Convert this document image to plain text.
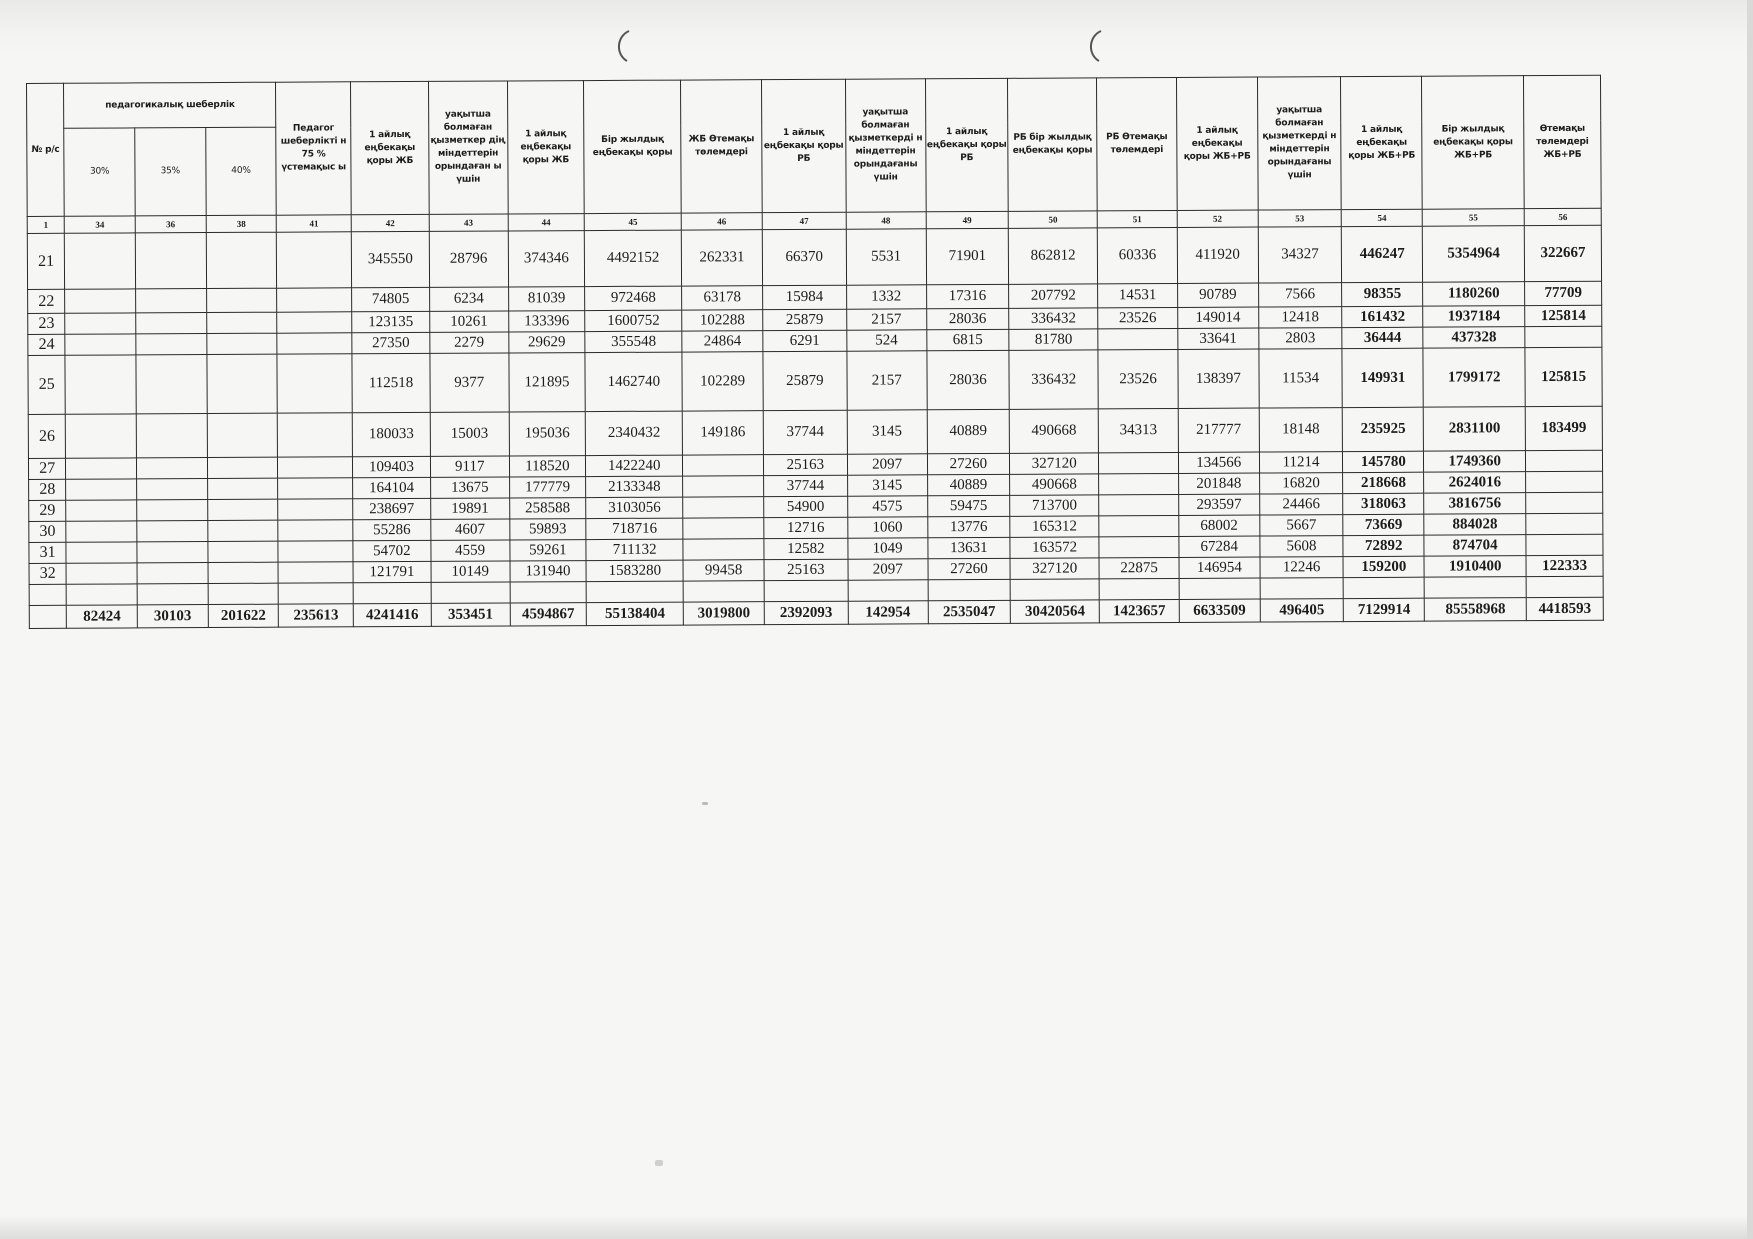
№ р/с	педагогикалық шеберлік			Педагог шеберлікті н 75 % үстемақыс ы	1 айлық еңбекақы қоры ЖБ	уақытша болмаған қызметкер дің міндеттерін орындаған ы үшін	1 айлық еңбекақы қоры ЖБ	Бір жылдық еңбекақы қоры	ЖБ Өтемақы төлемдері	1 айлық еңбекақы қоры РБ	уақытша болмаған қызметкерді н міндеттерін орындағаны үшін	1 айлық еңбекақы қоры РБ	РБ бір жылдық еңбекақы қоры	РБ Өтемақы төлемдері	1 айлық еңбекақы қоры ЖБ+РБ	уақытша болмаған қызметкерді н міндеттерін орындағаны үшін	1 айлық еңбекақы қоры ЖБ+РБ	Бір жылдық еңбекақы қоры ЖБ+РБ	Өтемақы төлемдері ЖБ+РБ
	30%	35%	40%																
1	34	36	38	41	42	43	44	45	46	47	48	49	50	51	52	53	54	55	56
21					345550	28796	374346	4492152	262331	66370	5531	71901	862812	60336	411920	34327	446247	5354964	322667
22					74805	6234	81039	972468	63178	15984	1332	17316	207792	14531	90789	7566	98355	1180260	77709
23					123135	10261	133396	1600752	102288	25879	2157	28036	336432	23526	149014	12418	161432	1937184	125814
24					27350	2279	29629	355548	24864	6291	524	6815	81780		33641	2803	36444	437328	
25					112518	9377	121895	1462740	102289	25879	2157	28036	336432	23526	138397	11534	149931	1799172	125815
26					180033	15003	195036	2340432	149186	37744	3145	40889	490668	34313	217777	18148	235925	2831100	183499
27					109403	9117	118520	1422240		25163	2097	27260	327120		134566	11214	145780	1749360	
28					164104	13675	177779	2133348		37744	3145	40889	490668		201848	16820	218668	2624016	
29					238697	19891	258588	3103056		54900	4575	59475	713700		293597	24466	318063	3816756	
30					55286	4607	59893	718716		12716	1060	13776	165312		68002	5667	73669	884028	
31					54702	4559	59261	711132		12582	1049	13631	163572		67284	5608	72892	874704	
32					121791	10149	131940	1583280	99458	25163	2097	27260	327120	22875	146954	12246	159200	1910400	122333

	82424	30103	201622	235613	4241416	353451	4594867	55138404	3019800	2392093	142954	2535047	30420564	1423657	6633509	496405	7129914	85558968	4418593
